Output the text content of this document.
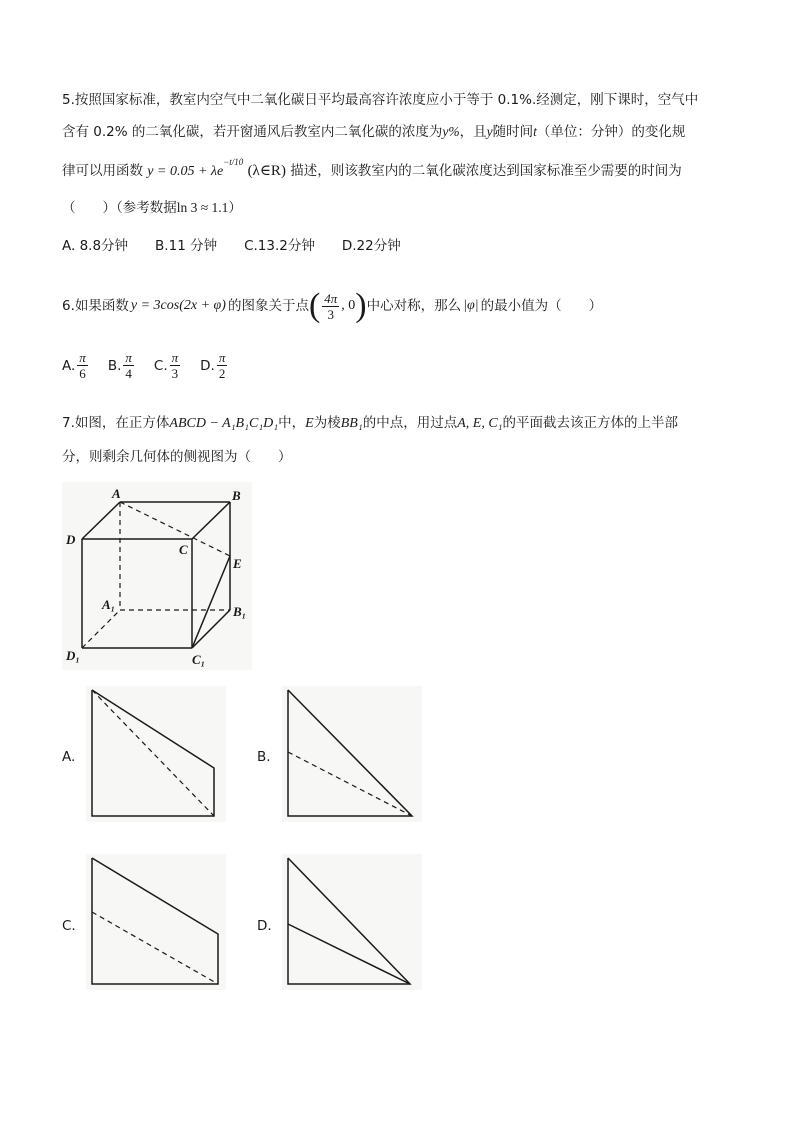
5.按照国家标准，教室内空气中二氧化碳日平均最高容许浓度应小于等于 0.1%.经测定，刚下课时，空气中
含有 0.2% 的二氧化碳，若开窗通风后教室内二氧化碳的浓度为y%，且y随时间t（单位：分钟）的变化规
律可以用函数 $y = 0.05 + \lambda e^{-t/10}$ (λ∈R) 描述，则该教室内的二氧化碳浓度达到国家标准至少需要的时间为
（　　）（参考数据ln 3 ≈ 1.1）
A. 8.8分钟　　B.11 分钟　　C.13.2分钟　　D.22分钟
6.如果函数 y = 3cos(2x + φ) 的图象关于点 ( $\frac{4\pi}{3}$ , 0 ) 中心对称，那么 |φ| 的最小值为（　　）
A. $\frac{\pi}{6} B$. $\frac{\pi}{4} C$. $\frac{\pi}{3} D$. $\frac{\pi}{2}$
7.如图，在正方体ABCD − A₁B₁C₁D₁中，E为棱BB₁的中点，用过点A, E, C₁的平面截去该正方体的上半部
分，则剩余几何体的侧视图为（　　）
A	B
C
D
E
A₁	B₁
C₁
D₁
A.	B.
C.	D.
